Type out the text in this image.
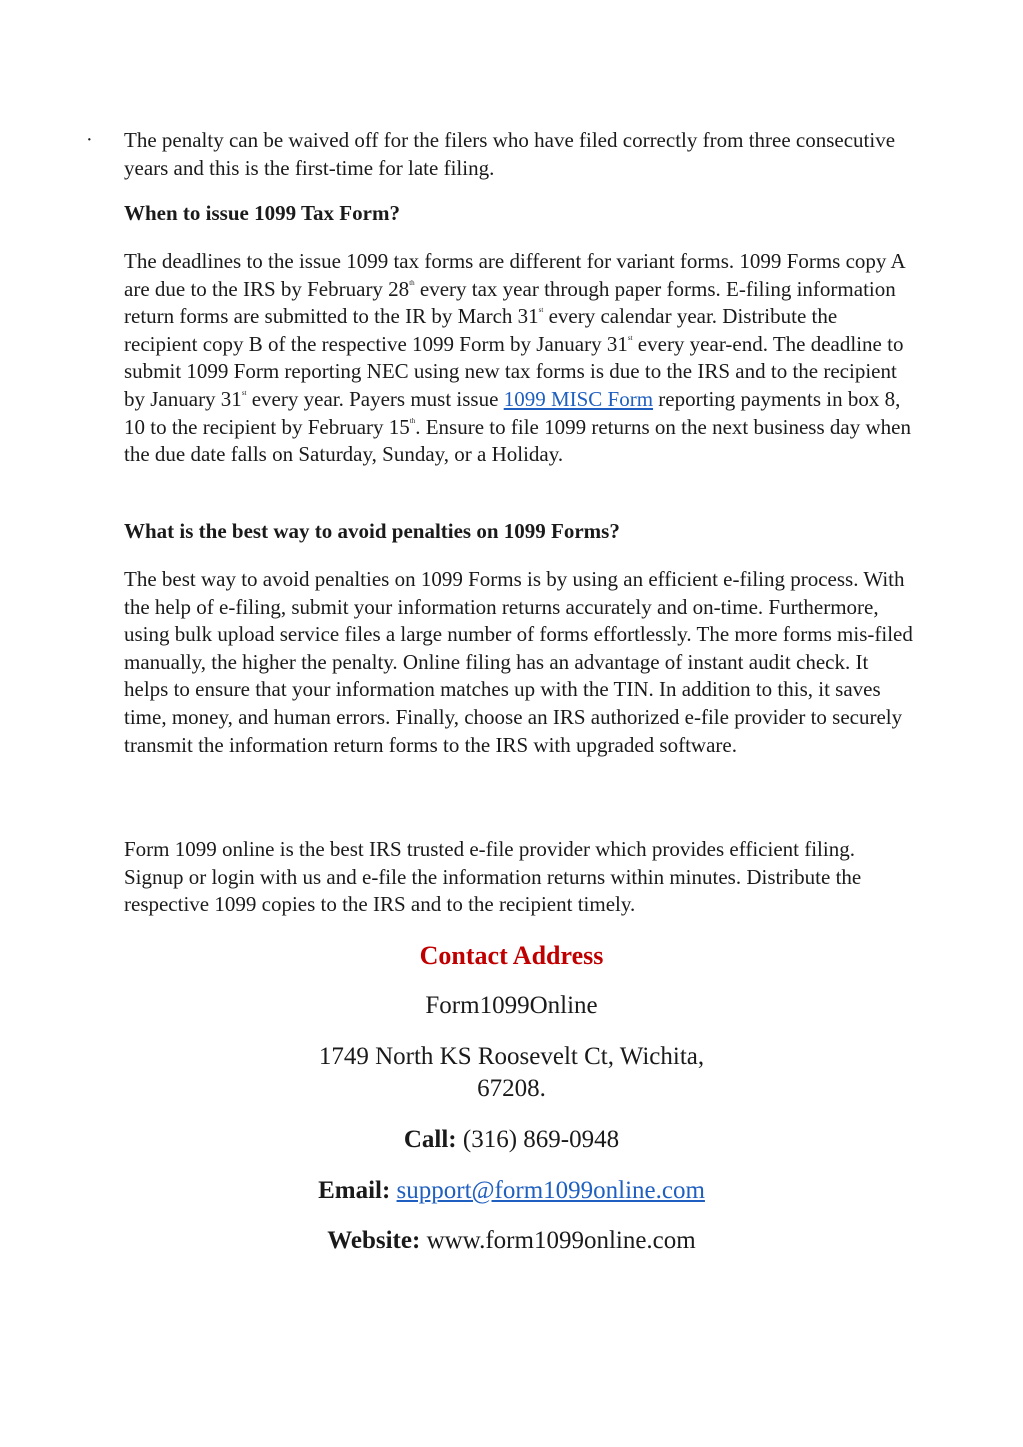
· The penalty can be waived off for the filers who have filed correctly from three consecutive years and this is the first-time for late filing.

When to issue 1099 Tax Form?

The deadlines to the issue 1099 tax forms are different for variant forms. 1099 Forms copy A are due to the IRS by February 28th every tax year through paper forms. E-filing information return forms are submitted to the IR by March 31st every calendar year. Distribute the recipient copy B of the respective 1099 Form by January 31st every year-end. The deadline to submit 1099 Form reporting NEC using new tax forms is due to the IRS and to the recipient by January 31st every year. Payers must issue 1099 MISC Form reporting payments in box 8, 10 to the recipient by February 15th. Ensure to file 1099 returns on the next business day when the due date falls on Saturday, Sunday, or a Holiday.

What is the best way to avoid penalties on 1099 Forms?

The best way to avoid penalties on 1099 Forms is by using an efficient e-filing process. With the help of e-filing, submit your information returns accurately and on-time. Furthermore, using bulk upload service files a large number of forms effortlessly. The more forms mis-filed manually, the higher the penalty. Online filing has an advantage of instant audit check. It helps to ensure that your information matches up with the TIN. In addition to this, it saves time, money, and human errors. Finally, choose an IRS authorized e-file provider to securely transmit the information return forms to the IRS with upgraded software.

Form 1099 online is the best IRS trusted e-file provider which provides efficient filing. Signup or login with us and e-file the information returns within minutes. Distribute the respective 1099 copies to the IRS and to the recipient timely.

Contact Address

Form1099Online

1749 North KS Roosevelt Ct, Wichita,

67208.

Call: (316) 869-0948

Email: support@form1099online.com

Website: www.form1099online.com
